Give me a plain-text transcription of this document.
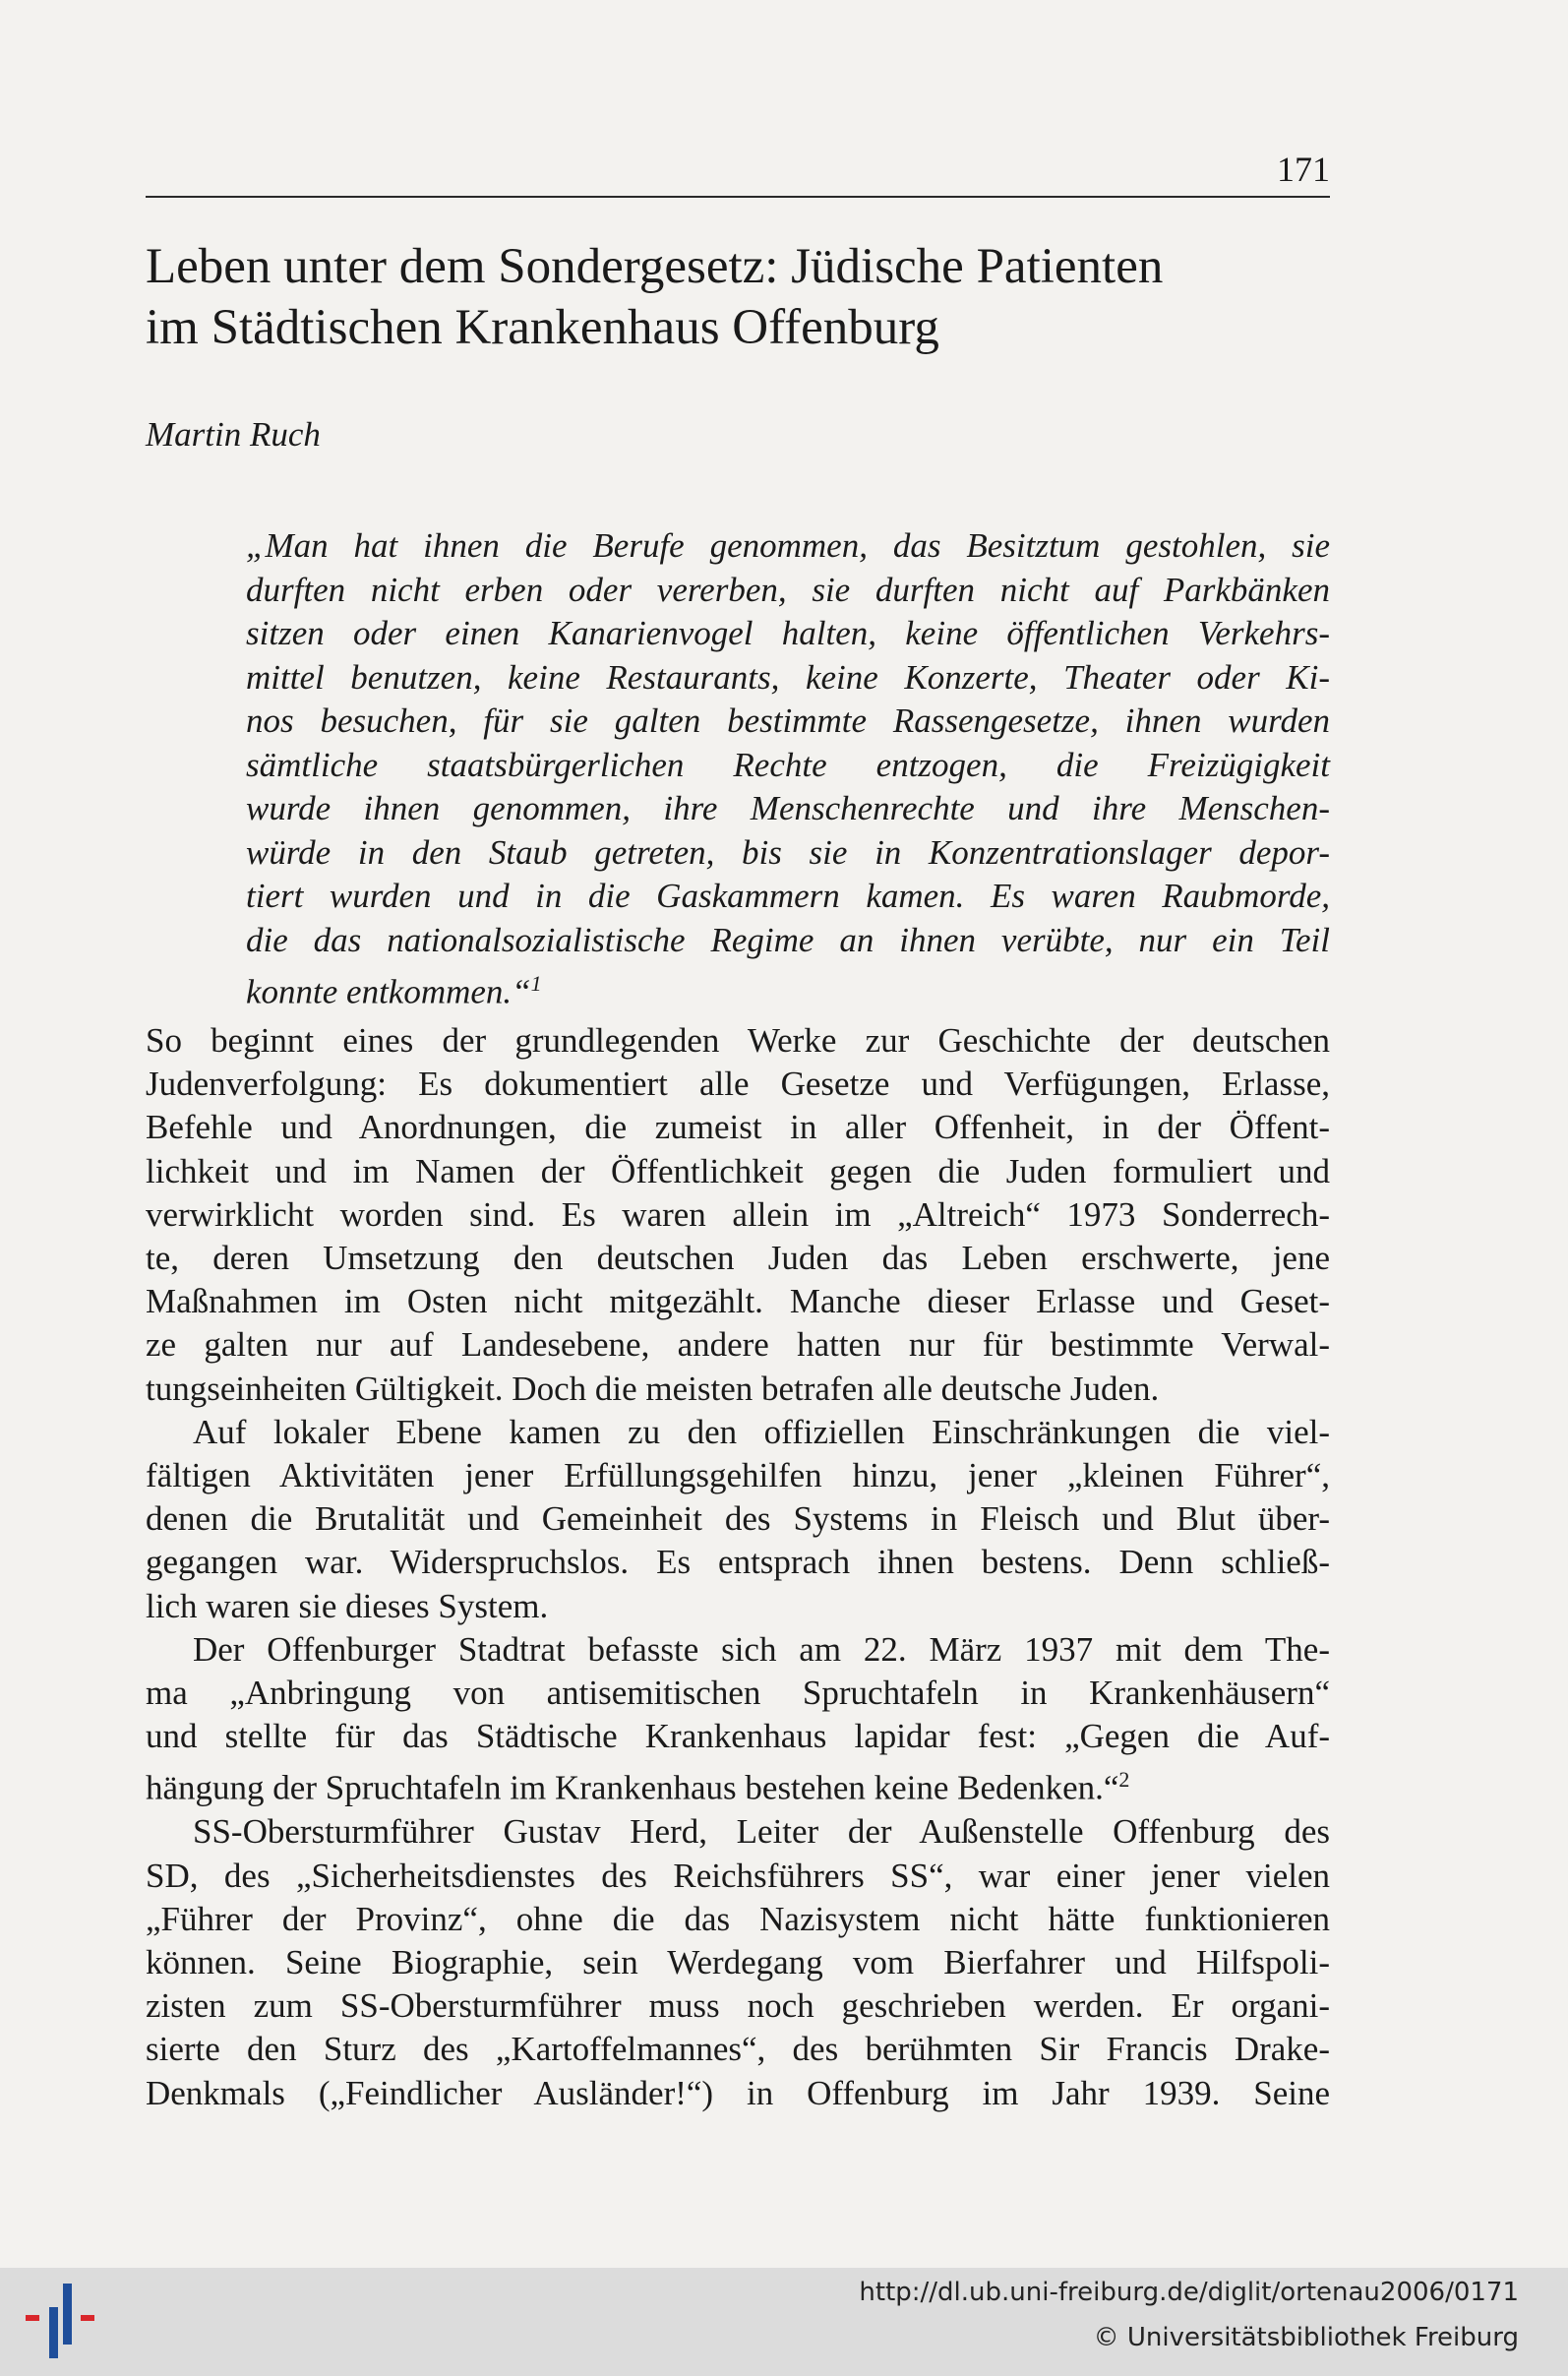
171
Leben unter dem Sondergesetz: Jüdische Patienten
im Städtischen Krankenhaus Offenburg
Martin Ruch
„Man hat ihnen die Berufe genommen, das Besitztum gestohlen, sie
durften nicht erben oder vererben, sie durften nicht auf Parkbänken
sitzen oder einen Kanarienvogel halten, keine öffentlichen Verkehrs-
mittel benutzen, keine Restaurants, keine Konzerte, Theater oder Ki-
nos besuchen, für sie galten bestimmte Rassengesetze, ihnen wurden
sämtliche staatsbürgerlichen Rechte entzogen, die Freizügigkeit
wurde ihnen genommen, ihre Menschenrechte und ihre Menschen-
würde in den Staub getreten, bis sie in Konzentrationslager depor-
tiert wurden und in die Gaskammern kamen. Es waren Raubmorde,
die das nationalsozialistische Regime an ihnen verübte, nur ein Teil
konnte entkommen.“$^1$
So beginnt eines der grundlegenden Werke zur Geschichte der deutschen
Judenverfolgung: Es dokumentiert alle Gesetze und Verfügungen, Erlasse,
Befehle und Anordnungen, die zumeist in aller Offenheit, in der Öffent-
lichkeit und im Namen der Öffentlichkeit gegen die Juden formuliert und
verwirklicht worden sind. Es waren allein im „Altreich“ 1973 Sonderrech-
te, deren Umsetzung den deutschen Juden das Leben erschwerte, jene
Maßnahmen im Osten nicht mitgezählt. Manche dieser Erlasse und Geset-
ze galten nur auf Landesebene, andere hatten nur für bestimmte Verwal-
tungseinheiten Gültigkeit. Doch die meisten betrafen alle deutsche Juden.
Auf lokaler Ebene kamen zu den offiziellen Einschränkungen die viel-
fältigen Aktivitäten jener Erfüllungsgehilfen hinzu, jener „kleinen Führer“,
denen die Brutalität und Gemeinheit des Systems in Fleisch und Blut über-
gegangen war. Widerspruchslos. Es entsprach ihnen bestens. Denn schließ-
lich waren sie dieses System.
Der Offenburger Stadtrat befasste sich am 22. März 1937 mit dem The-
ma „Anbringung von antisemitischen Spruchtafeln in Krankenhäusern“
und stellte für das Städtische Krankenhaus lapidar fest: „Gegen die Auf-
hängung der Spruchtafeln im Krankenhaus bestehen keine Bedenken.“$^2$
SS-Obersturmführer Gustav Herd, Leiter der Außenstelle Offenburg des
SD, des „Sicherheitsdienstes des Reichsführers SS“, war einer jener vielen
„Führer der Provinz“, ohne die das Nazisystem nicht hätte funktionieren
können. Seine Biographie, sein Werdegang vom Bierfahrer und Hilfspoli-
zisten zum SS-Obersturmführer muss noch geschrieben werden. Er organi-
sierte den Sturz des „Kartoffelmannes“, des berühmten Sir Francis Drake-
Denkmals („Feindlicher Ausländer!“) in Offenburg im Jahr 1939. Seine
http://dl.ub.uni-freiburg.de/diglit/ortenau2006/0171
© Universitätsbibliothek Freiburg
